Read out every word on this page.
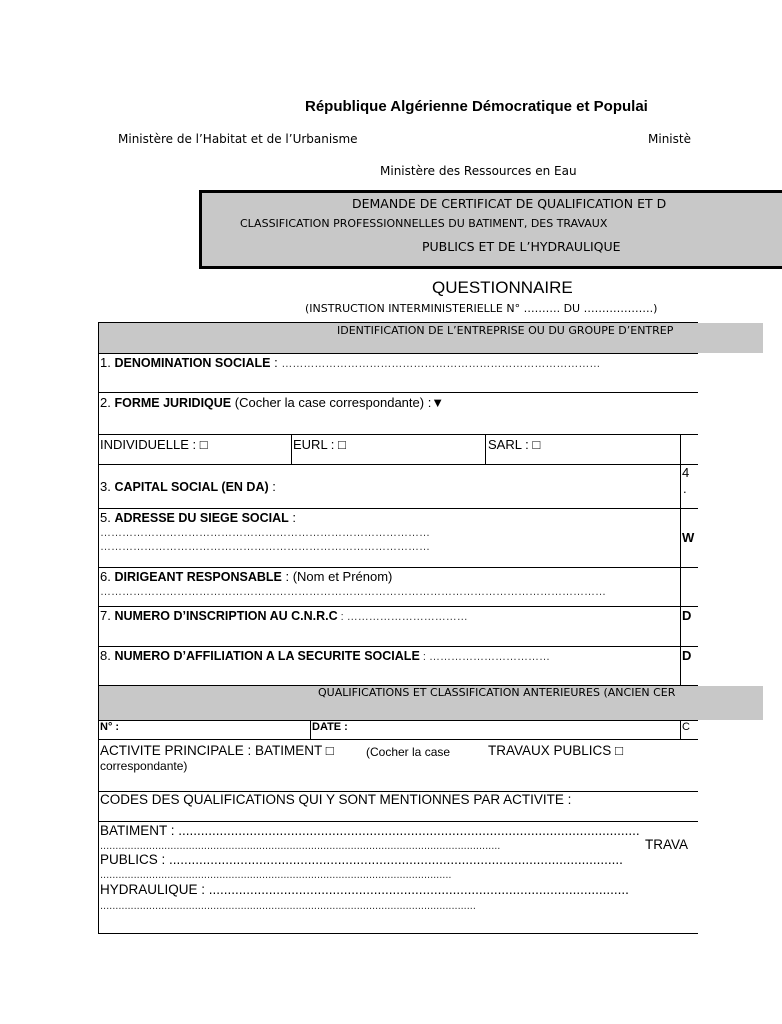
République Algérienne Démocratique et Populai
Ministère de l’Habitat et de l’Urbanisme	Ministè
Ministère des Ressources en Eau
DEMANDE DE CERTIFICAT DE QUALIFICATION ET D
CLASSIFICATION PROFESSIONNELLES DU BATIMENT, DES TRAVAUX
PUBLICS ET DE L’HYDRAULIQUE
QUESTIONNAIRE
(INSTRUCTION INTERMINISTERIELLE N° ………. DU ……………….)
IDENTIFICATION DE L’ENTREPRISE OU DU GROUPE D’ENTREP
1. DENOMINATION SOCIALE : ……………………………………………………………………………
2. FORME JURIDIQUE (Cocher la case correspondante) :▼
INDIVIDUELLE : □	EURL : □	SARL : □
3. CAPITAL SOCIAL (EN DA) :
4
.
5. ADRESSE DU SIEGE SOCIAL :
………………………………………………………………………………
………………………………………………………………………………
W
6. DIRIGEANT RESPONSABLE : (Nom et Prénom)
…………………………………………………………………………………………………………………………
7. NUMERO D’INSCRIPTION AU C.N.R.C : ……………………………	D
8. NUMERO D’AFFILIATION A LA SECURITE SOCIALE : ……………………………	D
QUALIFICATIONS ET CLASSIFICATION ANTERIEURES (ANCIEN CER
N° :	DATE :	C
ACTIVITE PRINCIPALE : BATIMENT □	(Cocher la case	TRAVAUX PUBLICS □
correspondante)
CODES DES QUALIFICATIONS QUI Y SONT MENTIONNES PAR ACTIVITE :
BATIMENT : ...........................................................................................................................
...................................................................................................................................	TRAVA
PUBLICS : .........................................................................................................................
...................................................................................................................
HYDRAULIQUE : ................................................................................................................
...........................................................................................................................
